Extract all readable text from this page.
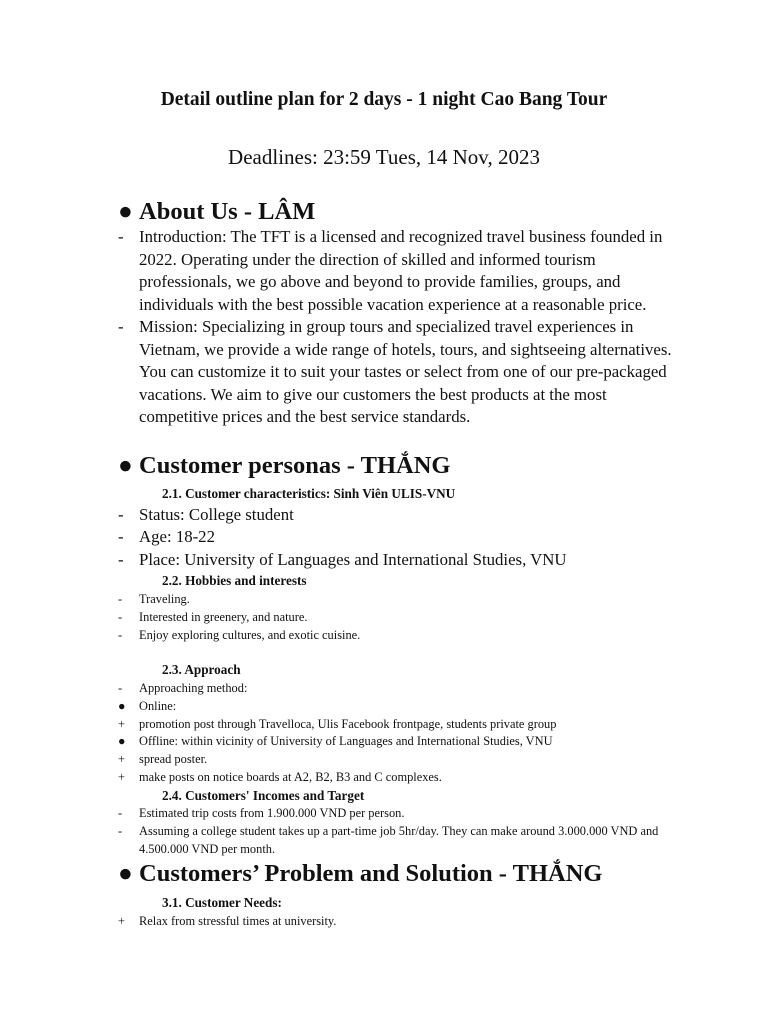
Detail outline plan for 2 days - 1 night Cao Bang Tour
Deadlines: 23:59 Tues, 14 Nov, 2023
● About Us - LÂM
- Introduction: The TFT is a licensed and recognized travel business founded in 2022. Operating under the direction of skilled and informed tourism professionals, we go above and beyond to provide families, groups, and individuals with the best possible vacation experience at a reasonable price.
- Mission: Specializing in group tours and specialized travel experiences in Vietnam, we provide a wide range of hotels, tours, and sightseeing alternatives. You can customize it to suit your tastes or select from one of our pre-packaged vacations. We aim to give our customers the best products at the most competitive prices and the best service standards.
● Customer personas - THẮNG
2.1. Customer characteristics: Sinh Viên ULIS-VNU
- Status: College student
- Age: 18-22
- Place: University of Languages and International Studies, VNU
2.2. Hobbies and interests
- Traveling.
- Interested in greenery, and nature.
- Enjoy exploring cultures, and exotic cuisine.
2.3. Approach
- Approaching method:
● Online:
+ promotion post through Travelloca, Ulis Facebook frontpage, students private group
● Offline: within vicinity of University of Languages and International Studies, VNU
+ spread poster.
+ make posts on notice boards at A2, B2, B3 and C complexes.
2.4. Customers' Incomes and Target
- Estimated trip costs from 1.900.000 VND per person.
- Assuming a college student takes up a part-time job 5hr/day. They can make around 3.000.000 VND and 4.500.000 VND per month.
● Customers’ Problem and Solution - THẮNG
3.1. Customer Needs:
+ Relax from stressful times at university.
